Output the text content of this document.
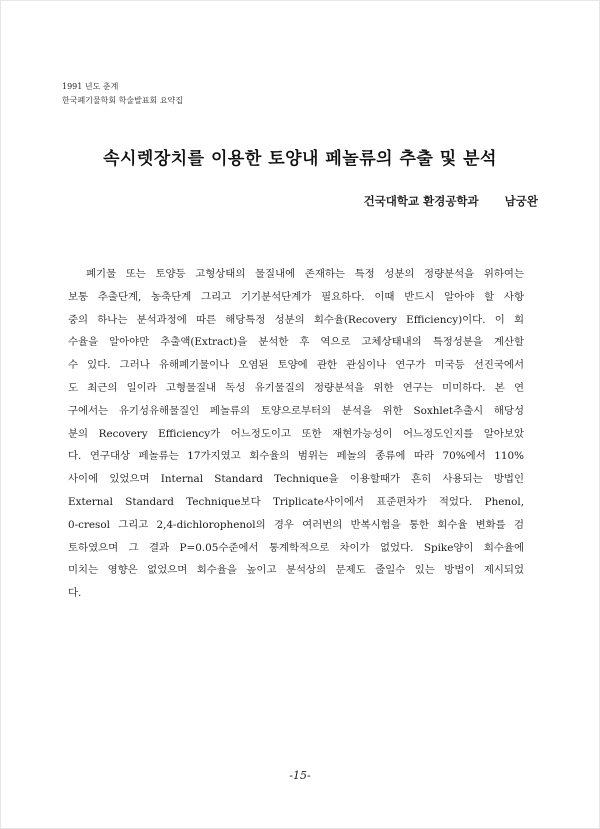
1991 년도 춘계
한국폐기물학회 학술발표회 요약집
속시렛장치를 이용한 토양내 페놀류의 추출 및 분석
건국대학교 환경공학과 남궁완
폐기물 또는 토양등 고형상태의 물질내에 존재하는 특정 성분의 정량분석을 위하여는
보통 추출단계, 농축단계 그리고 기기분석단계가 필요하다. 이때 반드시 알아야 할 사항
중의 하나는 분석과정에 따른 해당특정 성분의 회수율(Recovery Efficiency)이다. 이 회
수율을 알아야만 추출액(Extract)을 분석한 후 역으로 고체상태내의 특정성분을 계산할
수 있다. 그러나 유해폐기물이나 오염된 토양에 관한 관심이나 연구가 미국등 선진국에서
도 최근의 일이라 고형물질내 독성 유기물질의 정량분석을 위한 연구는 미미하다. 본 연
구에서는 유기성유해물질인 페놀류의 토양으로부터의 분석을 위한 Soxhlet추출시 해당성
분의 Recovery Efficiency가 어느정도이고 또한 재현가능성이 어느정도인지를 알아보았
다. 연구대상 페놀류는 17가지였고 회수율의 범위는 페놀의 종류에 따라 70%에서 110%
사이에 있었으며 Internal Standard Technique을 이용할때가 흔히 사용되는 방법인
External Standard Technique보다 Triplicate사이에서 표준편차가 적었다. Phenol,
0-cresol 그리고 2,4-dichlorophenol의 경우 여러번의 반복시험을 통한 회수율 변화를 검
토하였으며 그 결과 P=0.05수준에서 통계학적으로 차이가 없었다. Spike양이 회수율에
미치는 영향은 없었으며 회수율을 높이고 분석상의 문제도 줄일수 있는 방법이 제시되었
다.
-15-
